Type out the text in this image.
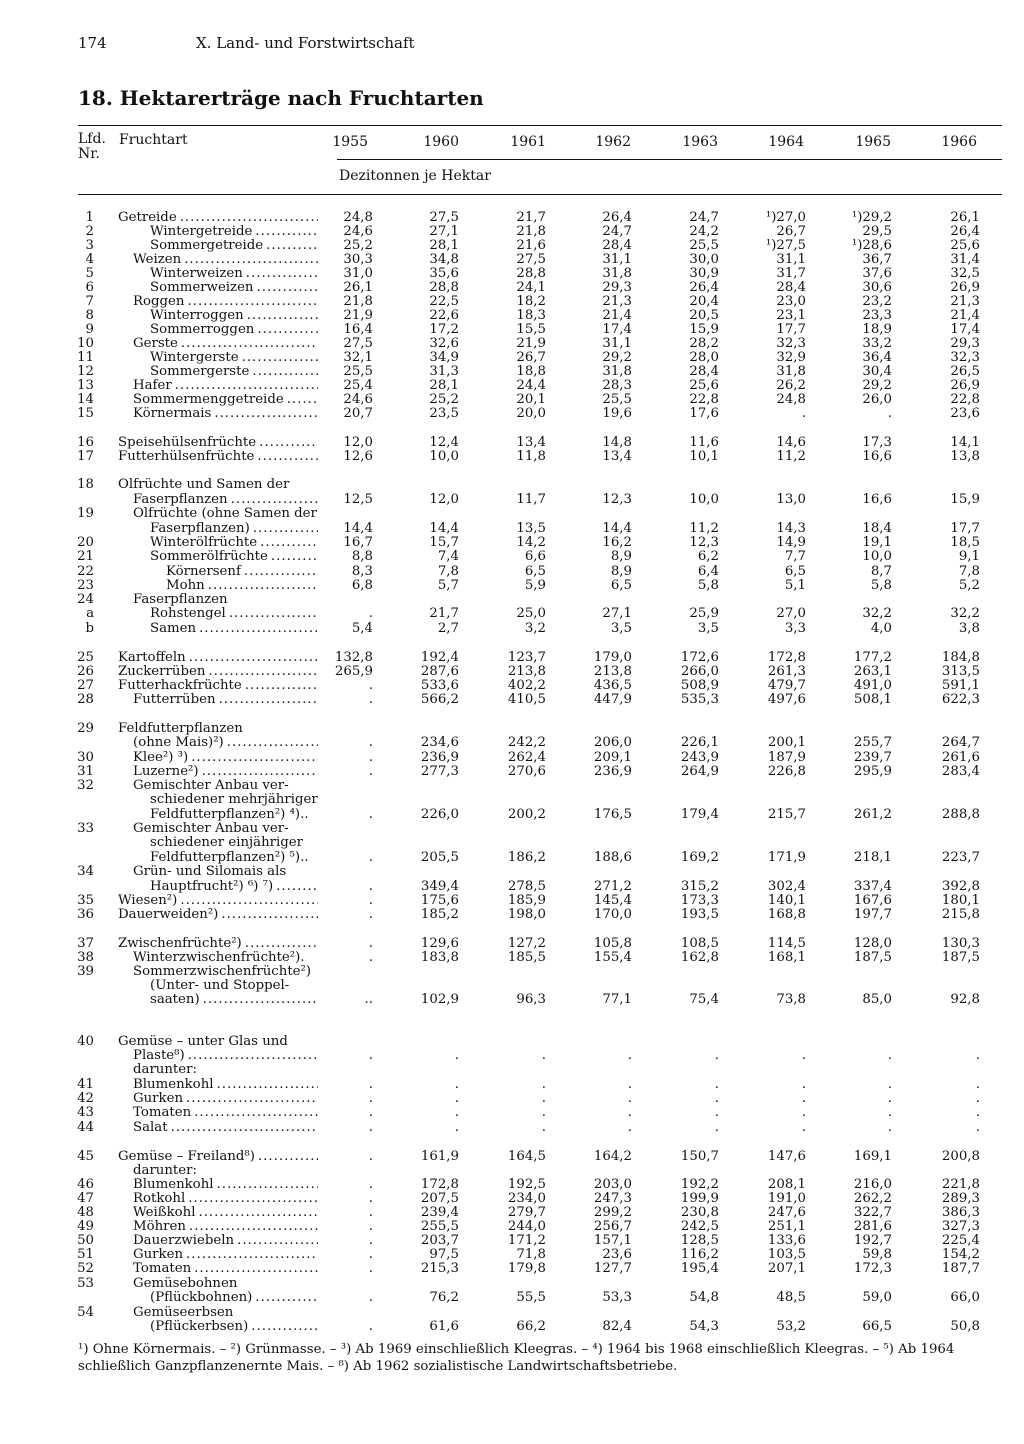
174	X. Land- und Forstwirtschaft
18. Hektarerträge nach Fruchtarten
Lfd. Nr.
Fruchtart	1955	1960	1961	1962	1963	1964	1965	1966
Dezitonnen je Hektar
1 Getreide .....	24,8	27,5	21,7	26,4	24,7	¹)27,0	¹)29,2	26,1
2	Wintergetreide .....	24,6	27,1	21,8	24,7	24,2	26,7	29,5	26,4
3	Sommergetreide .....	25,2	28,1	21,6	28,4	25,5	¹)27,5	¹)28,6	25,6
4	Weizen .....	30,3	34,8	27,5	31,1	30,0	31,1	36,7	31,4
5	Winterweizen .....	31,0	35,6	28,8	31,8	30,9	31,7	37,6	32,5
6	Sommerweizen .....	26,1	28,8	24,1	29,3	26,4	28,4	30,6	26,9
7	Roggen .....	21,8	22,5	18,2	21,3	20,4	23,0	23,2	21,3
8	Winterroggen .....	21,9	22,6	18,3	21,4	20,5	23,1	23,3	21,4
9	Sommerroggen .....	16,4	17,2	15,5	17,4	15,9	17,7	18,9	17,4
10	Gerste .....	27,5	32,6	21,9	31,1	28,2	32,3	33,2	29,3
11	Wintergerste .....	32,1	34,9	26,7	29,2	28,0	32,9	36,4	32,3
12	Sommergerste .....	25,5	31,3	18,8	31,8	28,4	31,8	30,4	26,5
13	Hafer .....	25,4	28,1	24,4	28,3	25,6	26,2	29,2	26,9
14	Sommermenggetreide .....	24,6	25,2	20,1	25,5	22,8	24,8	26,0	22,8
15	Körnermais .....	20,7	23,5	20,0	19,6	17,6	.	.	23,6
16 Speisehülsenfrüchte .....	12,0	12,4	13,4	14,8	11,6	14,6	17,3	14,1
17 Futterhülsenfrüchte .....	12,6	10,0	11,8	13,4	10,1	11,2	16,6	13,8
18 Ölfrüchte und Samen der
Faserpflanzen .....	12,5	12,0	11,7	12,3	10,0	13,0	16,6	15,9
19	Ölfrüchte (ohne Samen der
Faserpflanzen) .....	14,4	14,4	13,5	14,4	11,2	14,3	18,4	17,7
20	Winterölfrüchte .....	16,7	15,7	14,2	16,2	12,3	14,9	19,1	18,5
21	Sommerölfrüchte .....	8,8	7,4	6,6	8,9	6,2	7,7	10,0	9,1
22	Körnersenf .....	8,3	7,8	6,5	8,9	6,4	6,5	8,7	7,8
23	Mohn .....	6,8	5,7	5,9	6,5	5,8	5,1	5,8	5,2
24	Faserpflanzen
a	Rohstengel .....	.	21,7	25,0	27,1	25,9	27,0	32,2	32,2
b	Samen .....	5,4	2,7	3,2	3,5	3,5	3,3	4,0	3,8
25 Kartoffeln .....	132,8	192,4	123,7	179,0	172,6	172,8	177,2	184,8
26 Zuckerrüben .....	265,9	287,6	213,8	213,8	266,0	261,3	263,1	313,5
27 Futterhackfrüchte .....	.	533,6	402,2	436,5	508,9	479,7	491,0	591,1
28	Futterrüben .....	.	566,2	410,5	447,9	535,3	497,6	508,1	622,3
29 Feldfutterpflanzen
(ohne Mais)²) .....	.	234,6	242,2	206,0	226,1	200,1	255,7	264,7
30	Klee²) ³) .....	.	236,9	262,4	209,1	243,9	187,9	239,7	261,6
31	Luzerne²) .....	.	277,3	270,6	236,9	264,9	226,8	295,9	283,4
32	Gemischter Anbau ver-
schiedener mehrjähriger
Feldfutterpflanzen²) ⁴)..	.	226,0	200,2	176,5	179,4	215,7	261,2	288,8
33	Gemischter Anbau ver-
schiedener einjähriger
Feldfutterpflanzen²) ⁵)..	.	205,5	186,2	188,6	169,2	171,9	218,1	223,7
34	Grün- und Silomais als
Hauptfrucht²) ⁶) ⁷) .....	.	349,4	278,5	271,2	315,2	302,4	337,4	392,8
35 Wiesen²) .....	.	175,6	185,9	145,4	173,3	140,1	167,6	180,1
36 Dauerweiden²) .....	.	185,2	198,0	170,0	193,5	168,8	197,7	215,8
37 Zwischenfrüchte²) .....	.	129,6	127,2	105,8	108,5	114,5	128,0	130,3
38	Winterzwischenfrüchte²).	.	183,8	185,5	155,4	162,8	168,1	187,5	187,5
39	Sommerzwischenfrüchte²)
(Unter- und Stoppel-
saaten) .....	..	102,9	96,3	77,1	75,4	73,8	85,0	92,8
40 Gemüse – unter Glas und
Plaste⁸) .....	.	.	.	.	.	.	.	.
darunter:
41	Blumenkohl .....	.	.	.	.	.	.	.	.
42	Gurken .....	.	.	.	.	.	.	.	.
43	Tomaten .....	.	.	.	.	.	.	.	.
44	Salat .....	.	.	.	.	.	.	.	.
45 Gemüse – Freiland⁸) .....	.	161,9	164,5	164,2	150,7	147,6	169,1	200,8
darunter:
46	Blumenkohl .....	.	172,8	192,5	203,0	192,2	208,1	216,0	221,8
47	Rotkohl .....	.	207,5	234,0	247,3	199,9	191,0	262,2	289,3
48	Weißkohl .....	.	239,4	279,7	299,2	230,8	247,6	322,7	386,3
49	Möhren .....	.	255,5	244,0	256,7	242,5	251,1	281,6	327,3
50	Dauerzwiebeln .....	.	203,7	171,2	157,1	128,5	133,6	192,7	225,4
51	Gurken .....	.	97,5	71,8	23,6	116,2	103,5	59,8	154,2
52	Tomaten .....	.	215,3	179,8	127,7	195,4	207,1	172,3	187,7
53	Gemüsebohnen
(Pflückbohnen) .....	.	76,2	55,5	53,3	54,8	48,5	59,0	66,0
54	Gemüseerbsen
(Pflückerbsen) .....	.	61,6	66,2	82,4	54,3	53,2	66,5	50,8
¹) Ohne Körnermais. – ²) Grünmasse. – ³) Ab 1969 einschließlich Kleegras. – ⁴) 1964 bis 1968 einschließlich Kleegras. – ⁵) Ab 1964
schließlich Ganzpflanzenernte Mais. – ⁸) Ab 1962 sozialistische Landwirtschaftsbetriebe.
